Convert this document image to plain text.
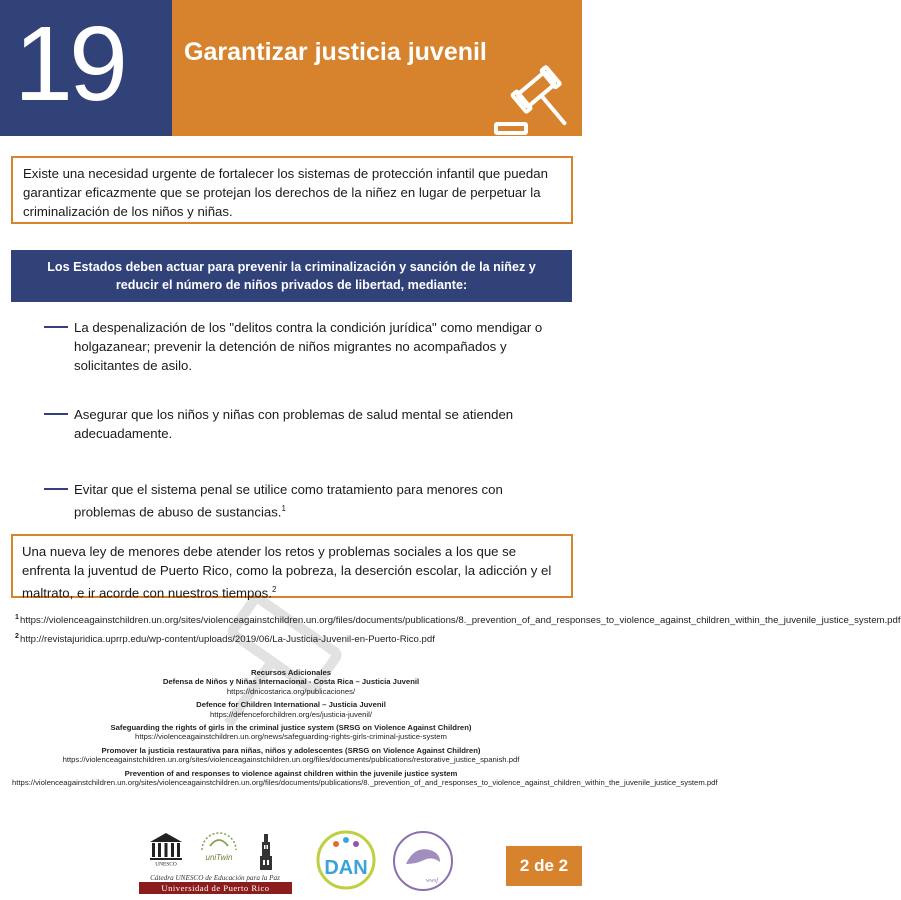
19 Garantizar justicia juvenil
Existe una necesidad urgente de fortalecer los sistemas de protección infantil que puedan garantizar eficazmente que se protejan los derechos de la niñez en lugar de perpetuar la criminalización de los niños y niñas.
Los Estados deben actuar para prevenir la criminalización y sanción de la niñez y
reducir el número de niños privados de libertad, mediante:
La despenalización de los "delitos contra la condición jurídica" como mendigar o holgazanear; prevenir la detención de niños migrantes no acompañados y solicitantes de asilo.
Asegurar que los niños y niñas con problemas de salud mental se atienden adecuadamente.
Evitar que el sistema penal se utilice como tratamiento para menores con problemas de abuso de sustancias.$^1$
Una nueva ley de menores debe atender los retos y problemas sociales a los que se enfrenta la juventud de Puerto Rico, como la pobreza, la deserción escolar, la adicción y el maltrato, e ir acorde con nuestros tiempos.$^2$
1 https://violenceagainstchildren.un.org/sites/violenceagainstchildren.un.org/files/documents/publications/8._prevention_of_and_responses_to_violence_against_children_within_the_juvenile_justice_system.pdf
2 http://revistajuridica.uprrp.edu/wp-content/uploads/2019/06/La-Justicia-Juvenil-en-Puerto-Rico.pdf
Recursos Adicionales
Defensa de Niños y Niñas Internacional - Costa Rica – Justicia Juvenil
https://dnicostarica.org/publicaciones/
Defence for Children International – Justicia Juvenil
https://defenceforchildren.org/es/justicia-juvenil/
Safeguarding the rights of girls in the criminal justice system (SRSG on Violence Against Children)
https://violenceagainstchildren.un.org/news/safeguarding-rights-girls-criminal-justice-system
Promover la justicia restaurativa para niñas, niños y adolescentes (SRSG on Violence Against Children)
https://violenceagainstchildren.un.org/sites/violenceagainstchildren.un.org/files/documents/publications/restorative_justice_spanish.pdf
Prevention of and responses to violence against children within the juvenile justice system
https://violenceagainstchildren.un.org/sites/violenceagainstchildren.un.org/files/documents/publications/8._prevention_of_and_responses_to_violence_against_children_within_the_juvenile_justice_system.pdf
UNESCO
uniTwin
Cátedra UNESCO de Educación para la Paz
Universidad de Puerto Rico
DAN
wwsf
2 de 2
